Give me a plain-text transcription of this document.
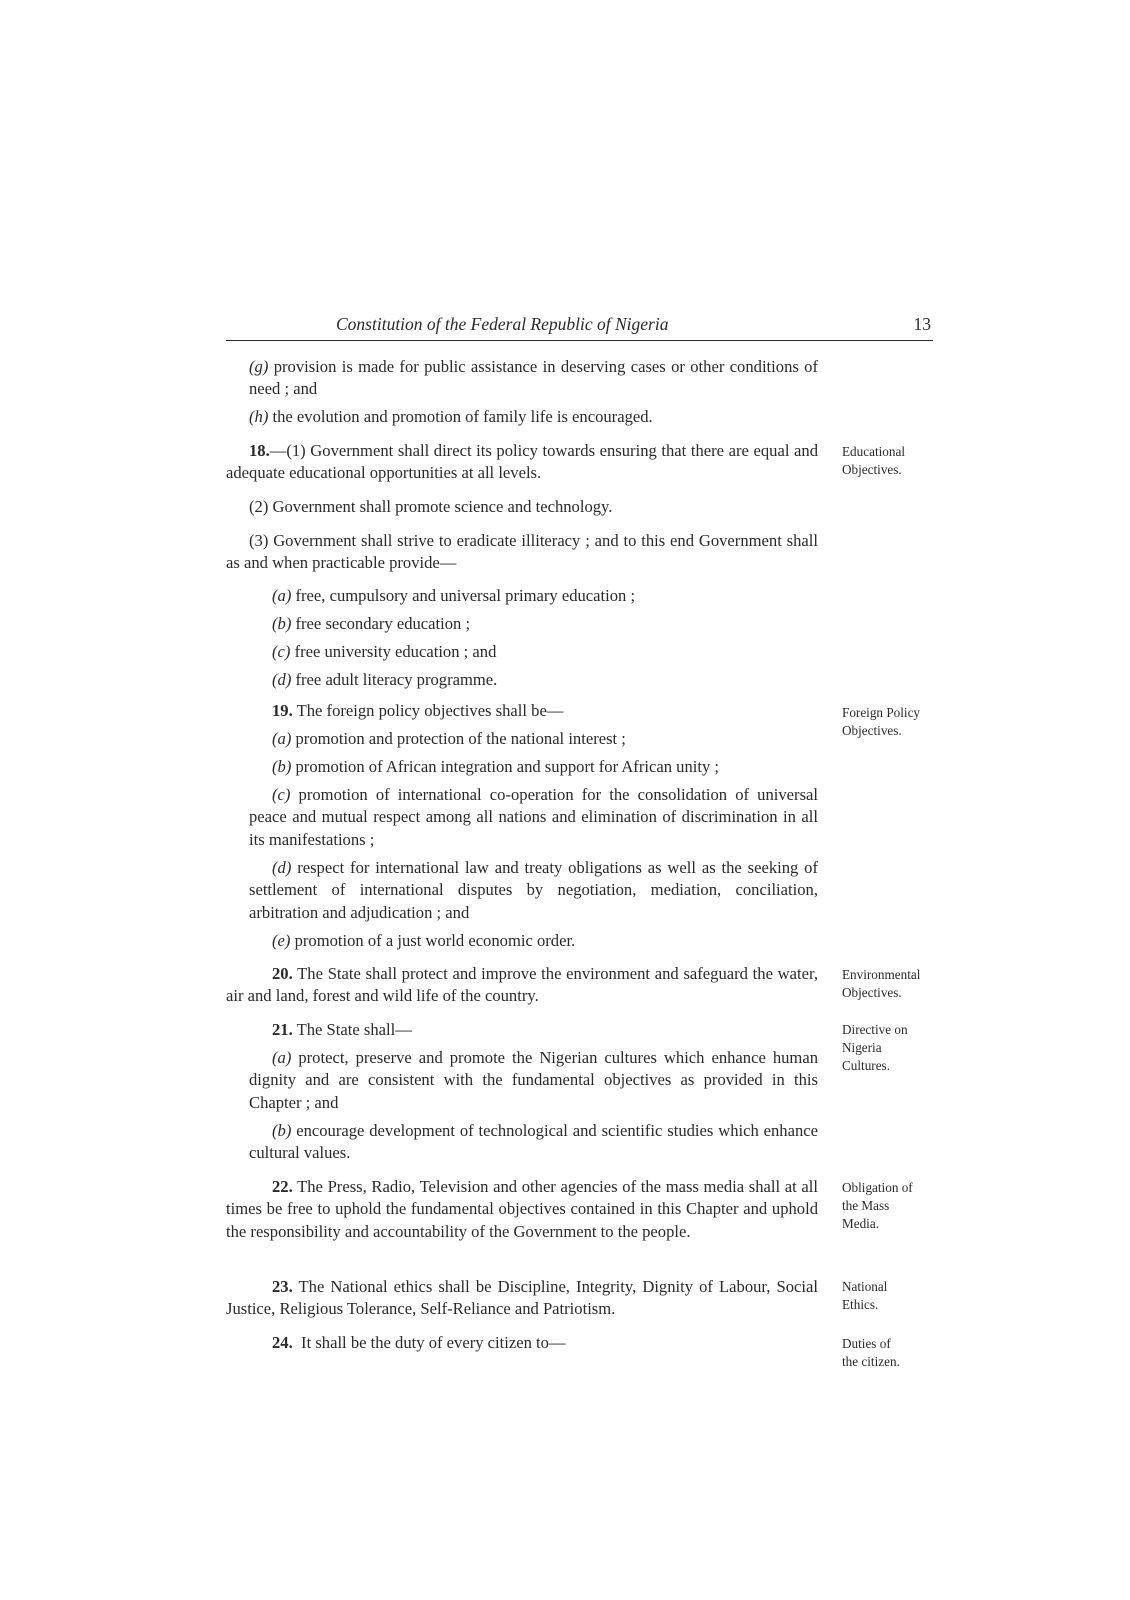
Constitution of the Federal Republic of Nigeria	13
(g) provision is made for public assistance in deserving cases or other conditions of need ; and
(h) the evolution and promotion of family life is encouraged.
18.—(1) Government shall direct its policy towards ensuring that there are equal and adequate educational opportunities at all levels.
(2) Government shall promote science and technology.
(3) Government shall strive to eradicate illiteracy ; and to this end Government shall as and when practicable provide—
(a) free, cumpulsory and universal primary education ;
(b) free secondary education ;
(c) free university education ; and
(d) free adult literacy programme.
19. The foreign policy objectives shall be—
(a) promotion and protection of the national interest ;
(b) promotion of African integration and support for African unity ;
(c) promotion of international co-operation for the consolidation of universal peace and mutual respect among all nations and elimination of discrimination in all its manifestations ;
(d) respect for international law and treaty obligations as well as the seeking of settlement of international disputes by negotiation, mediation, conciliation, arbitration and adjudication ; and
(e) promotion of a just world economic order.
20. The State shall protect and improve the environment and safeguard the water, air and land, forest and wild life of the country.
21. The State shall—
(a) protect, preserve and promote the Nigerian cultures which enhance human dignity and are consistent with the fundamental objectives as provided in this Chapter ; and
(b) encourage development of technological and scientific studies which enhance cultural values.
22. The Press, Radio, Television and other agencies of the mass media shall at all times be free to uphold the fundamental objectives contained in this Chapter and uphold the responsibility and accountability of the Government to the people.
23. The National ethics shall be Discipline, Integrity, Dignity of Labour, Social Justice, Religious Tolerance, Self-Reliance and Patriotism.
24.  It shall be the duty of every citizen to—
Educational
Objectives.
Foreign Policy
Objectives.
Environmental
Objectives.
Directive on
Nigeria
Cultures.
Obligation of
the Mass
Media.
National
Ethics.
Duties of
the citizen.
